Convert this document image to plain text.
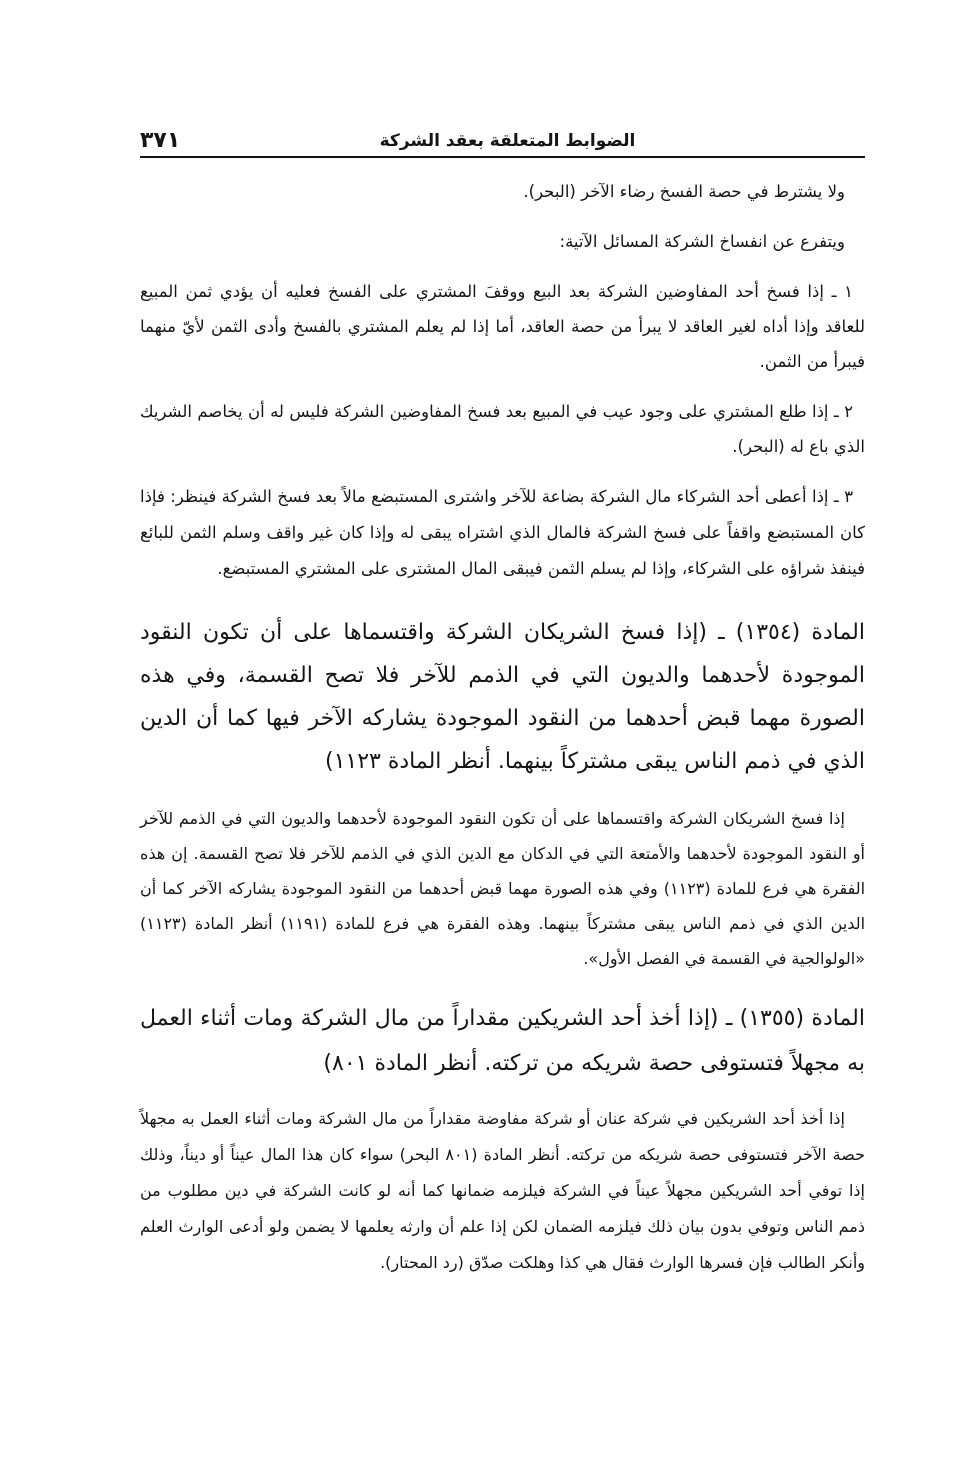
الضوابط المتعلقة بعقد الشركة
٣٧١

ولا يشترط في حصة الفسخ رضاء الآخر (البحر).

ويتفرع عن انفساخ الشركة المسائل الآتية:

١ ـ إذا فسخ أحد المفاوضين الشركة بعد البيع ووقفَ المشتري على الفسخ فعليه أن يؤدي ثمن المبيع للعاقد وإذا أداه لغير العاقد لا يبرأ من حصة العاقد، أما إذا لم يعلم المشتري بالفسخ وأدى الثمن لأيّ منهما فيبرأ من الثمن.

٢ ـ إذا طلع المشتري على وجود عيب في المبيع بعد فسخ المفاوضين الشركة فليس له أن يخاصم الشريك الذي باع له (البحر).

٣ ـ إذا أعطى أحد الشركاء مال الشركة بضاعة للآخر واشترى المستبضع مالاً بعد فسخ الشركة فينظر: فإذا كان المستبضع واقفاً على فسخ الشركة فالمال الذي اشتراه يبقى له وإذا كان غير واقف وسلم الثمن للبائع فينفذ شراؤه على الشركاء، وإذا لم يسلم الثمن فيبقى المال المشترى على المشتري المستبضع.

المادة (١٣٥٤) ـ (إذا فسخ الشريكان الشركة واقتسماها على أن تكون النقود الموجودة لأحدهما والديون التي في الذمم للآخر فلا تصح القسمة، وفي هذه الصورة مهما قبض أحدهما من النقود الموجودة يشاركه الآخر فيها كما أن الدين الذي في ذمم الناس يبقى مشتركاً بينهما. أنظر المادة ١١٢٣)

إذا فسخ الشريكان الشركة واقتسماها على أن تكون النقود الموجودة لأحدهما والديون التي في الذمم للآخر أو النقود الموجودة لأحدهما والأمتعة التي في الدكان مع الدين الذي في الذمم للآخر فلا تصح القسمة. إن هذه الفقرة هي فرع للمادة (١١٢٣) وفي هذه الصورة مهما قبض أحدهما من النقود الموجودة يشاركه الآخر كما أن الدين الذي في ذمم الناس يبقى مشتركاً بينهما. وهذه الفقرة هي فرع للمادة (١١٩١) أنظر المادة (١١٢٣) «الولوالجية في القسمة في الفصل الأول».

المادة (١٣٥٥) ـ (إذا أخذ أحد الشريكين مقداراً من مال الشركة ومات أثناء العمل به مجهلاً فتستوفى حصة شريكه من تركته. أنظر المادة ٨٠١)

إذا أخذ أحد الشريكين في شركة عنان أو شركة مفاوضة مقداراً من مال الشركة ومات أثناء العمل به مجهلاً حصة الآخر فتستوفى حصة شريكه من تركته. أنظر المادة (٨٠١ البحر) سواء كان هذا المال عيناً أو ديناً، وذلك إذا توفي أحد الشريكين مجهلاً عيناً في الشركة فيلزمه ضمانها كما أنه لو كانت الشركة في دين مطلوب من ذمم الناس وتوفي بدون بيان ذلك فيلزمه الضمان لكن إذا علم أن وارثه يعلمها لا يضمن ولو أدعى الوارث العلم وأنكر الطالب فإن فسرها الوارث فقال هي كذا وهلكت صدّق (رد المحتار).
